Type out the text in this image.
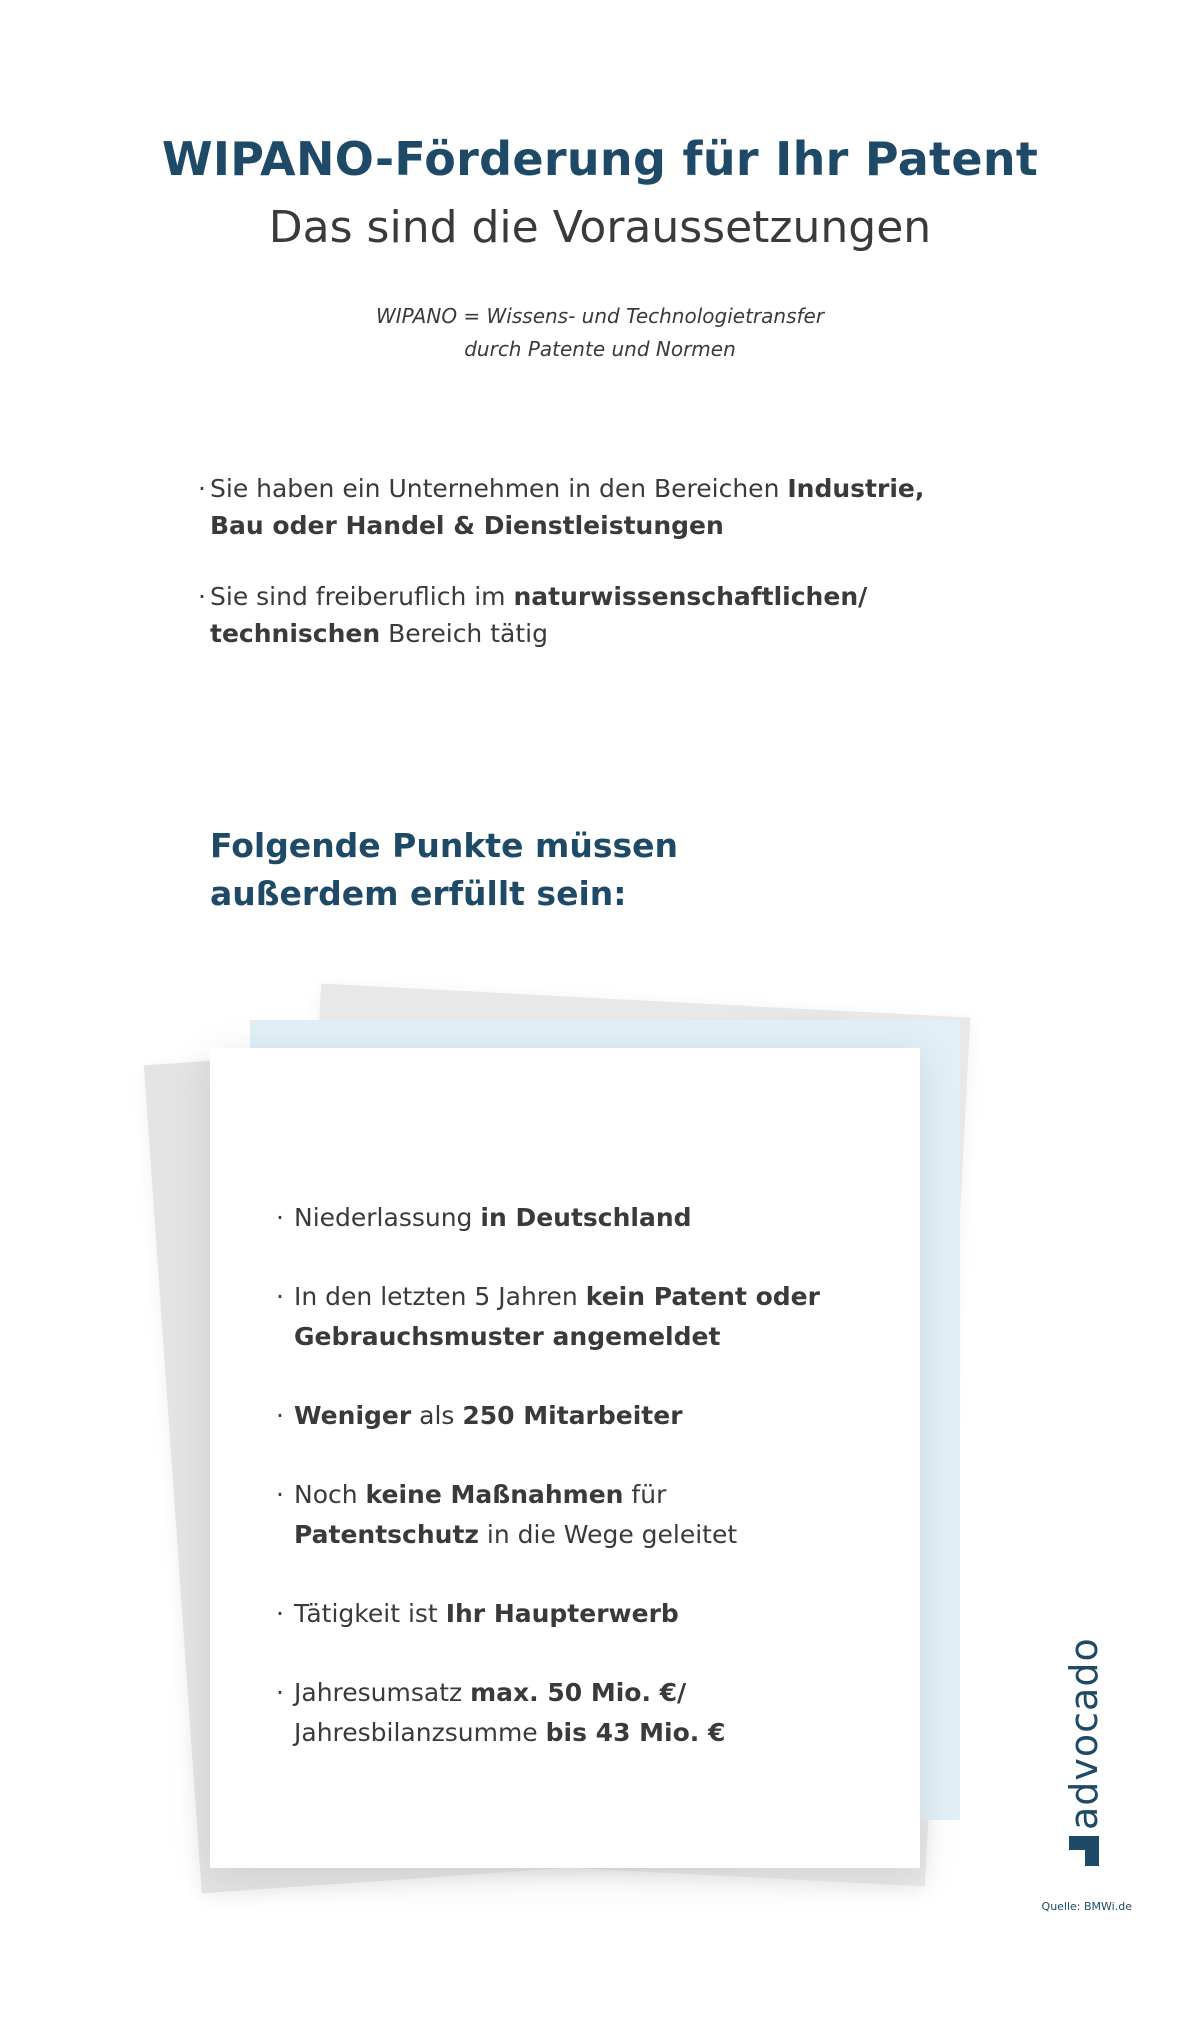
WIPANO-Förderung für Ihr Patent
Das sind die Voraussetzungen
WIPANO = Wissens- und Technologietransfer
durch Patente und Normen
· Sie haben ein Unternehmen in den Bereichen Industrie, Bau oder Handel & Dienstleistungen
· Sie sind freiberuflich im naturwissenschaftlichen/ technischen Bereich tätig
Folgende Punkte müssen
außerdem erfüllt sein:
· Niederlassung in Deutschland
· In den letzten 5 Jahren kein Patent oder Gebrauchsmuster angemeldet
· Weniger als 250 Mitarbeiter
· Noch keine Maßnahmen für
Patentschutz in die Wege geleitet
· Tätigkeit ist Ihr Haupterwerb
· Jahresumsatz max. 50 Mio. €/
Jahresbilanzsumme bis 43 Mio. €	advocado
Quelle: BMWi.de
